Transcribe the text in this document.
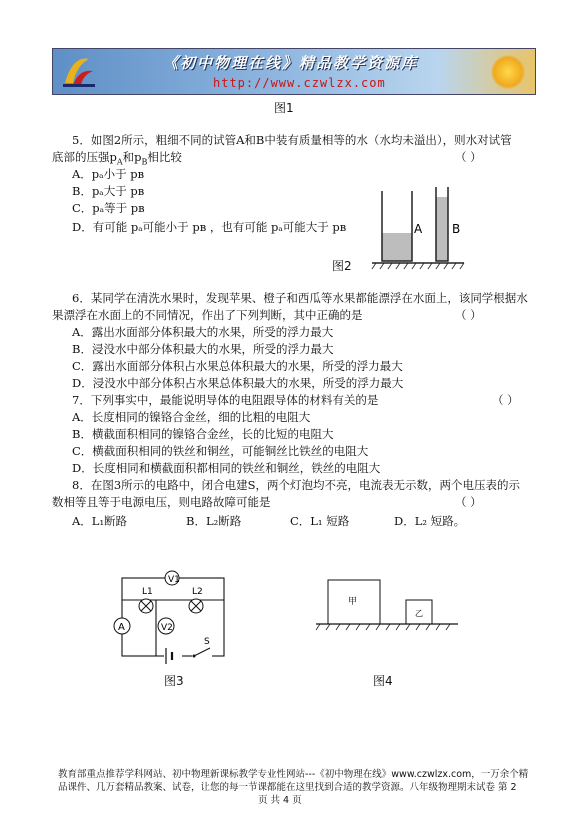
《初中物理在线》精品教学资源库
http://www.czwlzx.com
图1
5．如图2所示，粗细不同的试管A和B中装有质量相等的水（水均未溢出），则水对试管
底部的压强$p_A$和$p_B$相比较	（ ）
A．pₐ小于 pʙ
B．pₐ大于 pʙ
C．pₐ等于 pʙ
D．有可能 pₐ可能小于 pʙ ，也有可能 pₐ可能大于 pʙ	A B
图2
6．某同学在清洗水果时，发现苹果、橙子和西瓜等水果都能漂浮在水面上，该同学根据水
果漂浮在水面上的不同情况，作出了下列判断，其中正确的是	（ ）
A．露出水面部分体积最大的水果，所受的浮力最大
B．浸没水中部分体积最大的水果，所受的浮力最大
C．露出水面部分体积占水果总体积最大的水果，所受的浮力最大
D．浸没水中部分体积占水果总体积最大的水果，所受的浮力最大
7．下列事实中，最能说明导体的电阻跟导体的材料有关的是	（ ）
A．长度相同的镍铬合金丝，细的比粗的电阻大
B．横截面积相同的镍铬合金丝，长的比短的电阻大
C．横截面积相同的铁丝和铜丝，可能铜丝比铁丝的电阻大
D．长度相同和横截面积都相同的铁丝和铜丝，铁丝的电阻大
8．在图3所示的电路中，闭合电建S，两个灯泡均不亮，电流表无示数，两个电压表的示
数相等且等于电源电压，则电路故障可能是	（ ）
A．L₁断路	B．L₂断路	C．L₁ 短路	D．L₂ 短路。
V1
L1	L2
A	V2
S
图3
甲
乙
图4
教育部重点推荐学科网站、初中物理新课标教学专业性网站---《初中物理在线》www.czwlzx.com，一万余个精
品课件、几万套精品教案、试卷，让您的每一节课都能在这里找到合适的教学资源。八年级物理期末试卷 第 2
页 共 4 页
